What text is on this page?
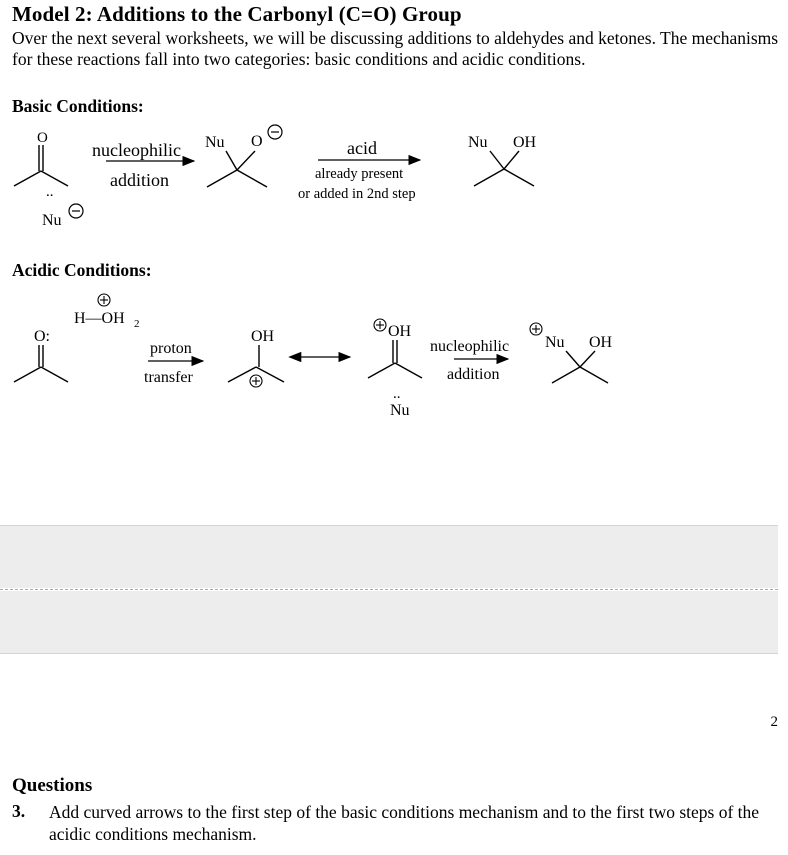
Model 2: Additions to the Carbonyl (C=O) Group
Over the next several worksheets, we will be discussing additions to aldehydes and ketones. The mechanisms for these reactions fall into two categories: basic conditions and acidic conditions.
Basic Conditions:
O
..
Nu
nucleophilic
addition
Nu O	acid
already present
or added in 2nd step
Nu OH
Acidic Conditions:
H—OH 2
O:
proton
transfer
OH	OH
..
Nu
nucleophilic
addition
Nu OH
2
Questions
3. Add curved arrows to the first step of the basic conditions mechanism and to the first two steps of the acidic conditions mechanism.
